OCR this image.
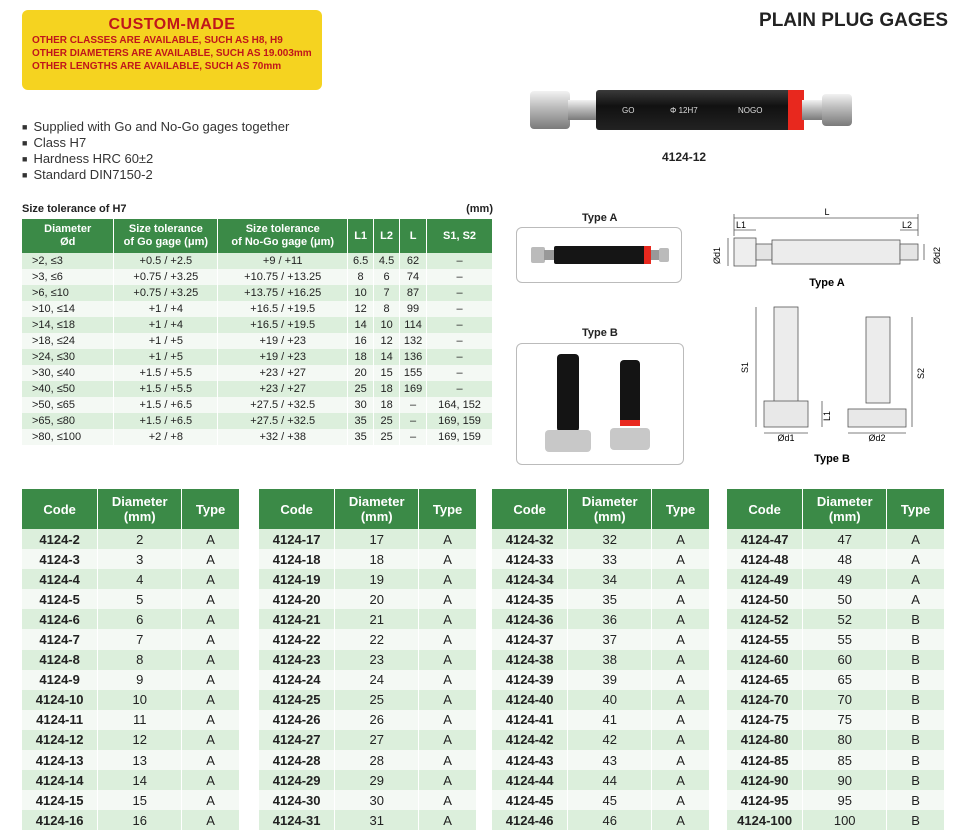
CUSTOM-MADE
OTHER CLASSES ARE AVAILABLE, SUCH AS H8, H9
OTHER DIAMETERS ARE AVAILABLE, SUCH AS 19.003mm
OTHER LENGTHS ARE AVAILABLE, SUCH AS 70mm
PLAIN PLUG GAGES
■ Supplied with Go and No-Go gages together
■ Class H7
■ Hardness HRC 60±2
■ Standard DIN7150-2
GO	Φ 12H7	NOGO
4124-12
Size tolerance of H7	(mm)
Diameter
Ød	Size tolerance
of Go gage (μm)	Size tolerance
of No-Go gage (μm)	L1	L2	L	S1, S2
>2, ≤3	+0.5 / +2.5	+9 / +11	6.5	4.5	62	–
>3, ≤6	+0.75 / +3.25	+10.75 / +13.25	8	6	74	–
>6, ≤10	+0.75 / +3.25	+13.75 / +16.25	10	7	87	–
>10, ≤14	+1 / +4	+16.5 / +19.5	12	8	99	–
>14, ≤18	+1 / +4	+16.5 / +19.5	14	10	114	–
>18, ≤24	+1 / +5	+19 / +23	16	12	132	–
>24, ≤30	+1 / +5	+19 / +23	18	14	136	–
>30, ≤40	+1.5 / +5.5	+23 / +27	20	15	155	–
>40, ≤50	+1.5 / +5.5	+23 / +27	25	18	169	–
>50, ≤65	+1.5 / +6.5	+27.5 / +32.5	30	18	–	164, 152
>65, ≤80	+1.5 / +6.5	+27.5 / +32.5	35	25	–	169, 159
>80, ≤100	+2 / +8	+32 / +38	35	25	–	169, 159
Type A	L
L1	L2
Ød1	Ød2
Type A
Type B
S1
L1
S2
Ød1	Ød2
Type B
Code	Diameter
(mm)	Type
4124-2	2	A
4124-3	3	A
4124-4	4	A
4124-5	5	A
4124-6	6	A
4124-7	7	A
4124-8	8	A
4124-9	9	A
4124-10	10	A
4124-11	11	A
4124-12	12	A
4124-13	13	A
4124-14	14	A
4124-15	15	A
4124-16	16	A
Code	Diameter
(mm)	Type
4124-17	17	A
4124-18	18	A
4124-19	19	A
4124-20	20	A
4124-21	21	A
4124-22	22	A
4124-23	23	A
4124-24	24	A
4124-25	25	A
4124-26	26	A
4124-27	27	A
4124-28	28	A
4124-29	29	A
4124-30	30	A
4124-31	31	A
Code	Diameter
(mm)	Type
4124-32	32	A
4124-33	33	A
4124-34	34	A
4124-35	35	A
4124-36	36	A
4124-37	37	A
4124-38	38	A
4124-39	39	A
4124-40	40	A
4124-41	41	A
4124-42	42	A
4124-43	43	A
4124-44	44	A
4124-45	45	A
4124-46	46	A
Code	Diameter
(mm)	Type
4124-47	47	A
4124-48	48	A
4124-49	49	A
4124-50	50	A
4124-52	52	B
4124-55	55	B
4124-60	60	B
4124-65	65	B
4124-70	70	B
4124-75	75	B
4124-80	80	B
4124-85	85	B
4124-90	90	B
4124-95	95	B
4124-100	100	B
